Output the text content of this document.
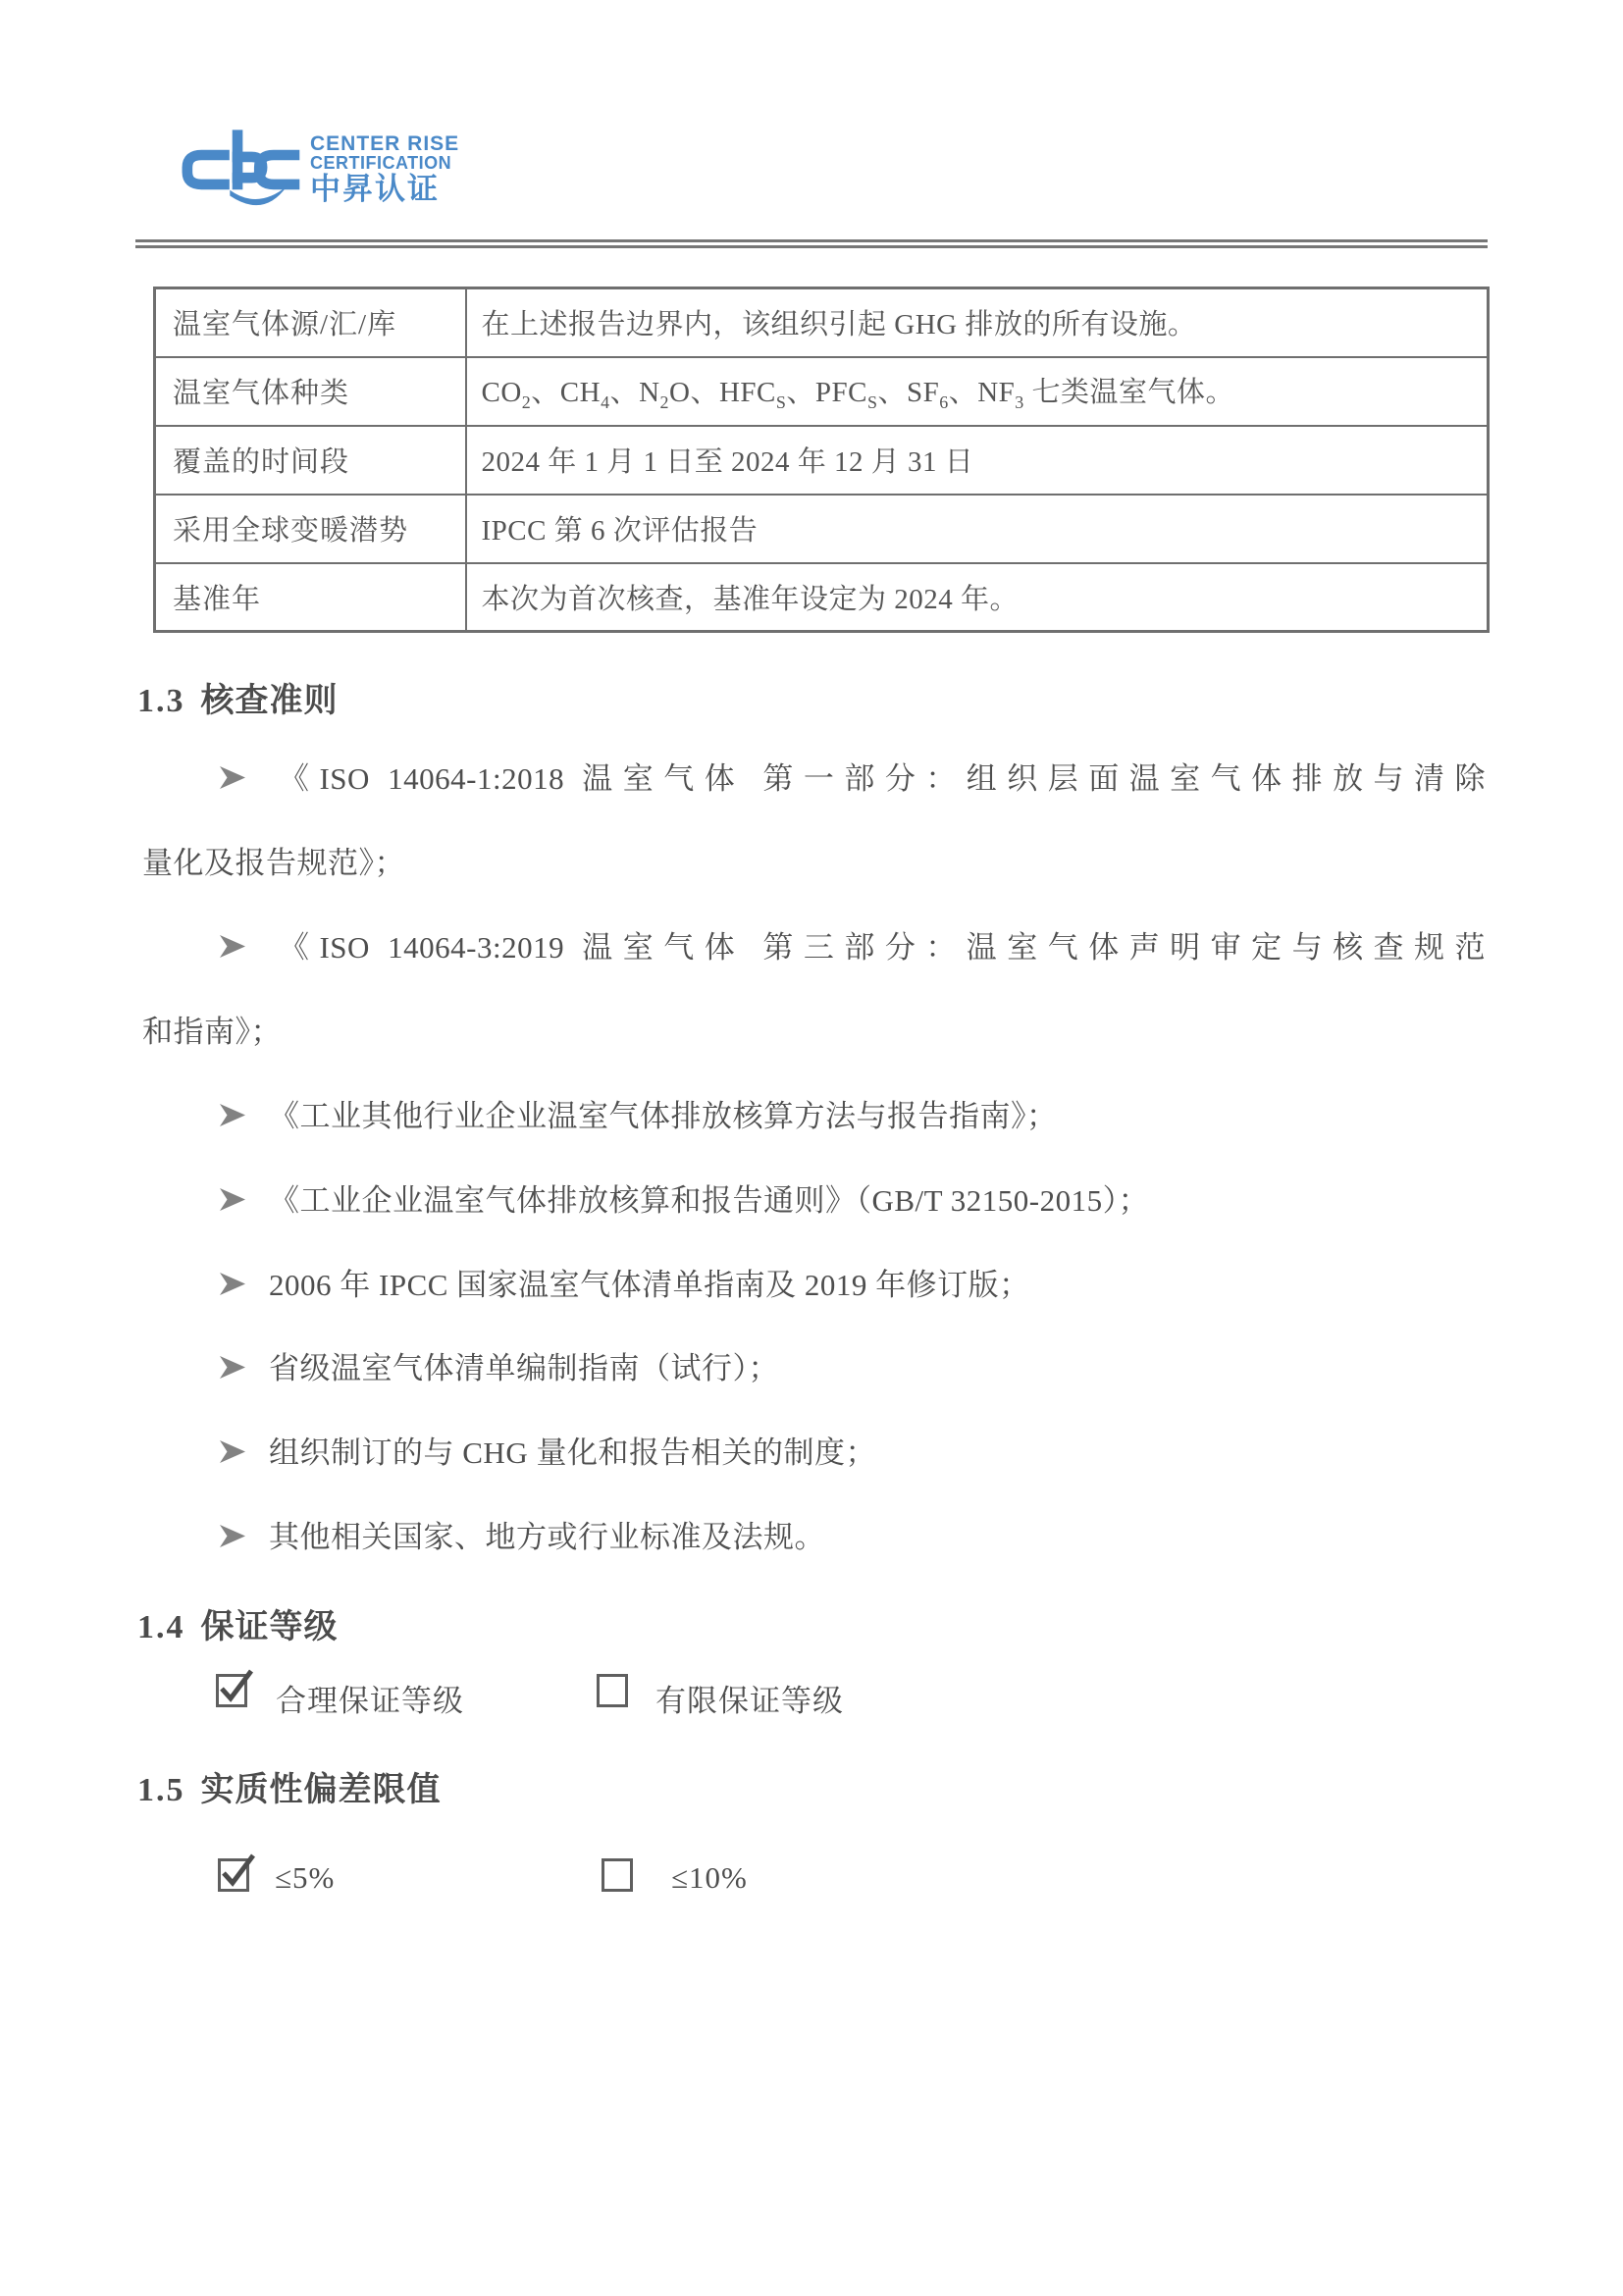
CENTER RISE
CERTIFICATION
中昇认证
温室气体源/汇/库	在上述报告边界内，该组织引起 GHG 排放的所有设施。
温室气体种类	$CO_2$、$CH_4$、$N_2O$、$HFC_S$、$PFC_S$、$SF_6$、$NF_3$ 七类温室气体。
覆盖的时间段	2024 年 1 月 1 日至 2024 年 12 月 31 日
采用全球变暖潜势	IPCC 第 6 次评估报告
基准年	本次为首次核查，基准年设定为 2024 年。
1.3 核查准则
《ISO 14064-1:2018 温室气体 第一部分：组织层面温室气体排放与清除
量化及报告规范》；
《ISO 14064-3:2019 温室气体 第三部分：温室气体声明审定与核查规范
和指南》；
《工业其他行业企业温室气体排放核算方法与报告指南》；
《工业企业温室气体排放核算和报告通则》（GB/T 32150-2015）；
2006 年 IPCC 国家温室气体清单指南及 2019 年修订版；
省级温室气体清单编制指南（试行）；
组织制订的与 CHG 量化和报告相关的制度；
其他相关国家、地方或行业标准及法规。
1.4 保证等级
合理保证等级	有限保证等级
1.5 实质性偏差限值
≤5%	≤10%
